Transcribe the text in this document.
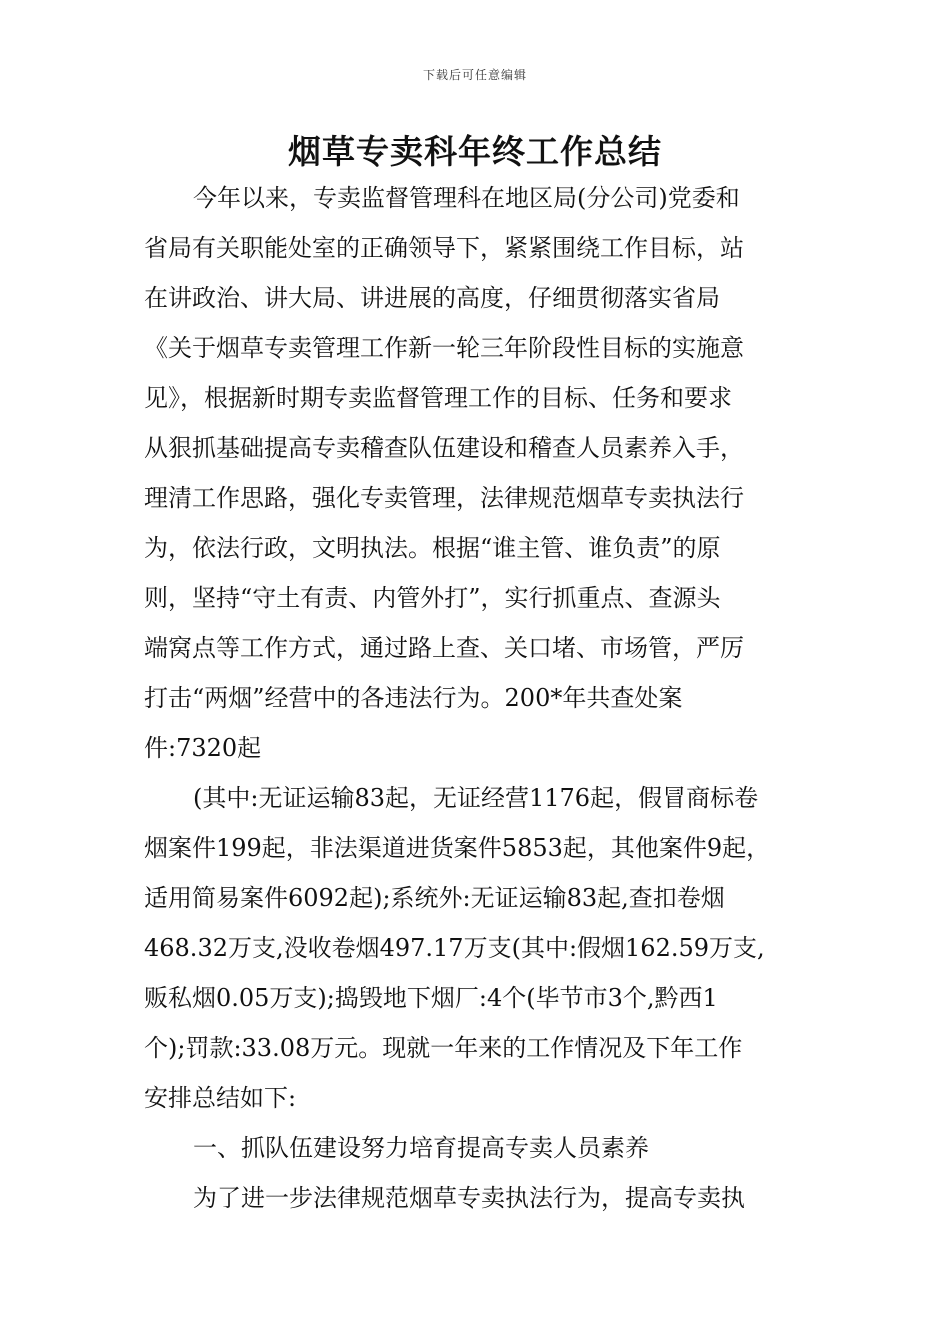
下载后可任意编辑
烟草专卖科年终工作总结
今年以来，专卖监督管理科在地区局(分公司)党委和
省局有关职能处室的正确领导下，紧紧围绕工作目标，站
在讲政治、讲大局、讲进展的高度，仔细贯彻落实省局
《关于烟草专卖管理工作新一轮三年阶段性目标的实施意
见》，根据新时期专卖监督管理工作的目标、任务和要求
从狠抓基础提高专卖稽查队伍建设和稽查人员素养入手，
理清工作思路，强化专卖管理，法律规范烟草专卖执法行
为，依法行政，文明执法。根据“谁主管、谁负责”的原
则，坚持“守土有责、内管外打”，实行抓重点、查源头
端窝点等工作方式，通过路上查、关口堵、市场管，严厉
打击“两烟”经营中的各违法行为。200*年共查处案
件:7320起
(其中:无证运输83起，无证经营1176起，假冒商标卷
烟案件199起，非法渠道进货案件5853起，其他案件9起，
适用简易案件6092起);系统外:无证运输83起,查扣卷烟
468.32万支,没收卷烟497.17万支(其中:假烟162.59万支,
贩私烟0.05万支);捣毁地下烟厂:4个(毕节市3个,黔西1
个);罚款:33.08万元。现就一年来的工作情况及下年工作
安排总结如下:
一、抓队伍建设努力培育提高专卖人员素养
为了进一步法律规范烟草专卖执法行为，提高专卖执
